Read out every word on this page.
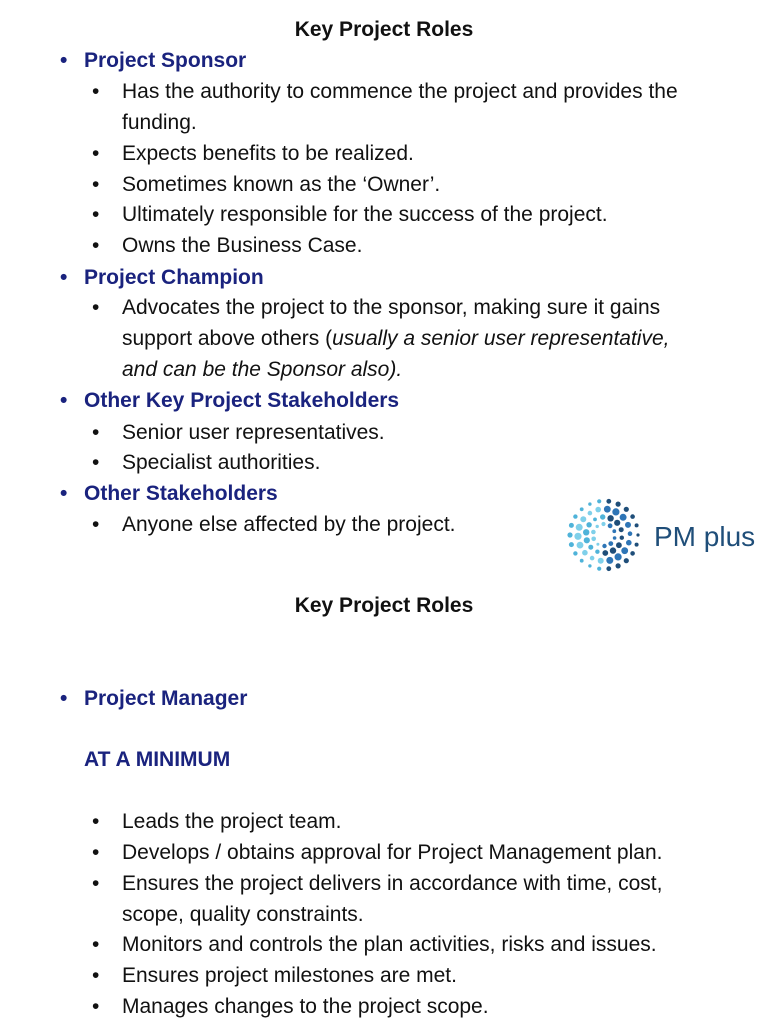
Key Project Roles
• Project Sponsor
• Has the authority to commence the project and provides the
funding.
• Expects benefits to be realized.
• Sometimes known as the ‘Owner’.
• Ultimately responsible for the success of the project.
• Owns the Business Case.
• Project Champion
• Advocates the project to the sponsor, making sure it gains
support above others (usually a senior user representative,
and can be the Sponsor also).
• Other Key Project Stakeholders
• Senior user representatives.
• Specialist authorities.
• Other Stakeholders
• Anyone else affected by the project.	PM plus
Key Project Roles
• Project Manager
AT A MINIMUM
• Leads the project team.
• Develops / obtains approval for Project Management plan.
• Ensures the project delivers in accordance with time, cost,
scope, quality constraints.
• Monitors and controls the plan activities, risks and issues.
• Ensures project milestones are met.
• Manages changes to the project scope.
